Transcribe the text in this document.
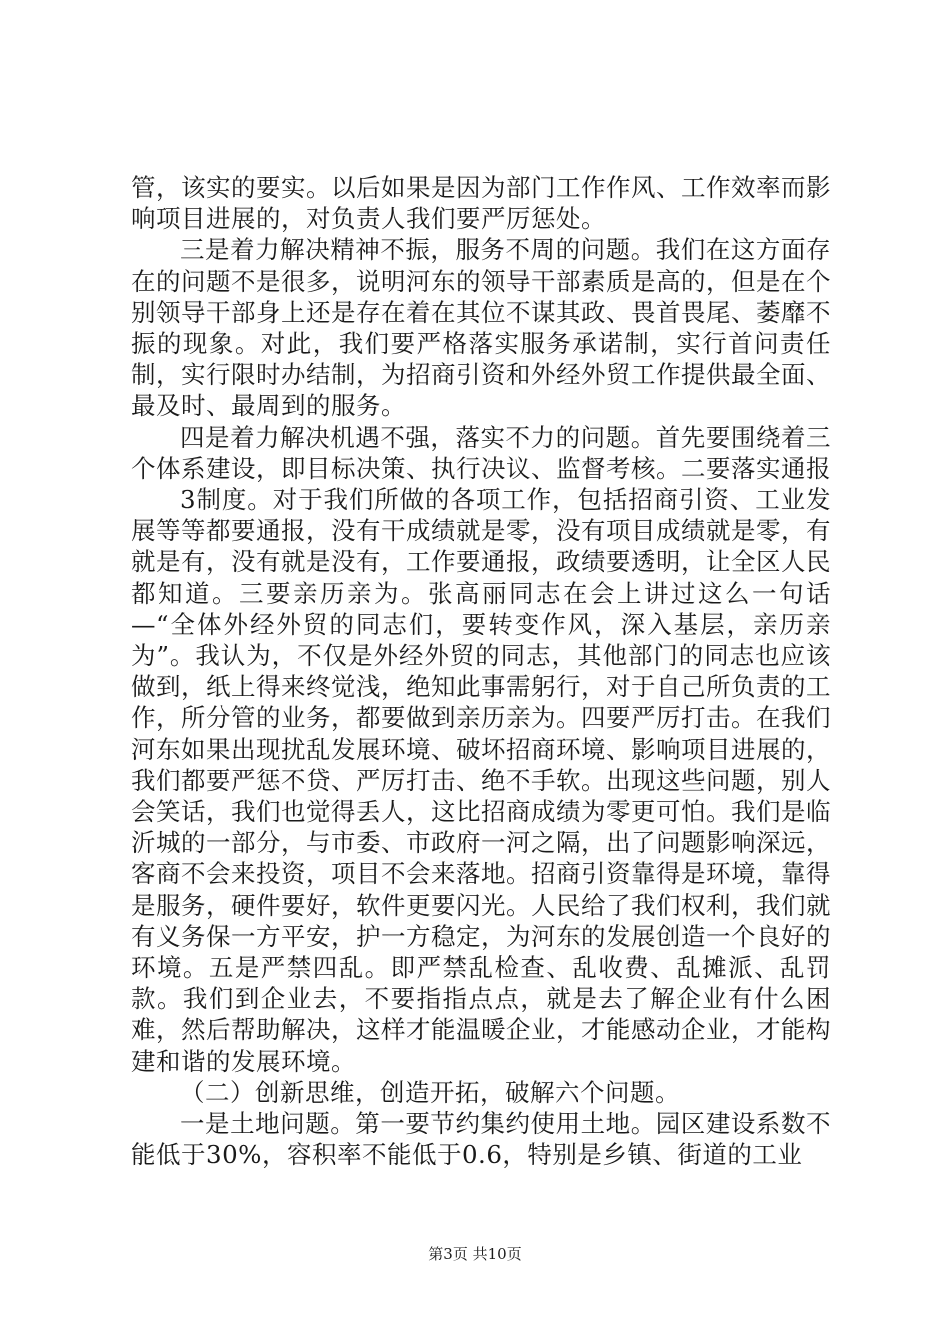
管，该实的要实。以后如果是因为部门工作作风、工作效率而影响项目进展的，对负责人我们要严厉惩处。

三是着力解决精神不振，服务不周的问题。我们在这方面存在的问题不是很多，说明河东的领导干部素质是高的，但是在个别领导干部身上还是存在着在其位不谋其政、畏首畏尾、萎靡不振的现象。对此，我们要严格落实服务承诺制，实行首问责任制，实行限时办结制，为招商引资和外经外贸工作提供最全面、最及时、最周到的服务。

四是着力解决机遇不强，落实不力的问题。首先要围绕着三个体系建设，即目标决策、执行决议、监督考核。二要落实通报

3制度。对于我们所做的各项工作，包括招商引资、工业发展等等都要通报，没有干成绩就是零，没有项目成绩就是零，有就是有，没有就是没有，工作要通报，政绩要透明，让全区人民都知道。三要亲历亲为。张高丽同志在会上讲过这么一句话—“全体外经外贸的同志们，要转变作风，深入基层，亲历亲为”。我认为，不仅是外经外贸的同志，其他部门的同志也应该做到，纸上得来终觉浅，绝知此事需躬行，对于自己所负责的工作，所分管的业务，都要做到亲历亲为。四要严厉打击。在我们河东如果出现扰乱发展环境、破坏招商环境、影响项目进展的，我们都要严惩不贷、严厉打击、绝不手软。出现这些问题，别人会笑话，我们也觉得丢人，这比招商成绩为零更可怕。我们是临沂城的一部分，与市委、市政府一河之隔，出了问题影响深远，客商不会来投资，项目不会来落地。招商引资靠得是环境，靠得是服务，硬件要好，软件更要闪光。人民给了我们权利，我们就有义务保一方平安，护一方稳定，为河东的发展创造一个良好的环境。五是严禁四乱。即严禁乱检查、乱收费、乱摊派、乱罚款。我们到企业去，不要指指点点，就是去了解企业有什么困难，然后帮助解决，这样才能温暖企业，才能感动企业，才能构建和谐的发展环境。

（二）创新思维，创造开拓，破解六个问题。

一是土地问题。第一要节约集约使用土地。园区建设系数不能低于30%，容积率不能低于0.6，特别是乡镇、街道的工业

第3页 共10页
